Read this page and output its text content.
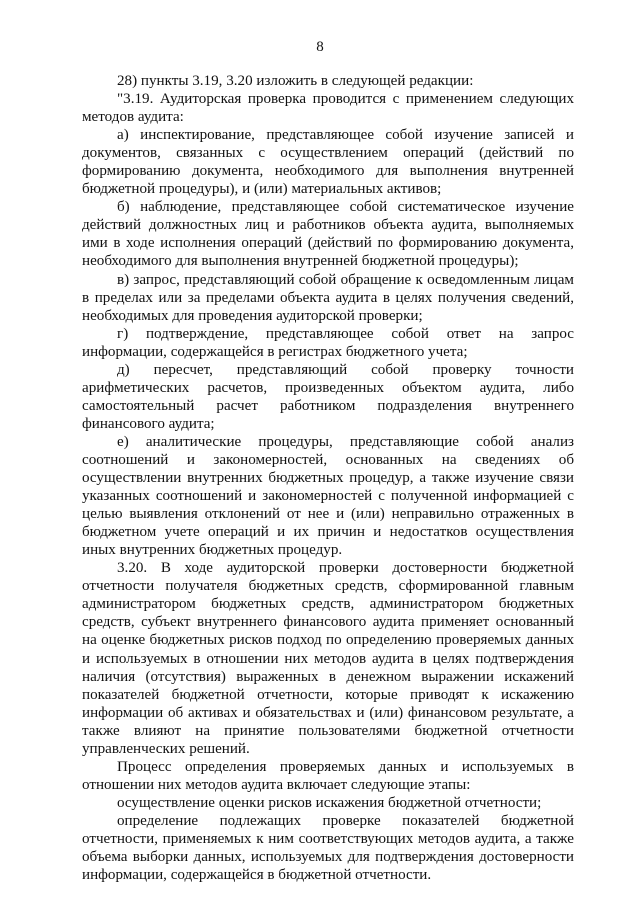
8

28) пункты 3.19, 3.20 изложить в следующей редакции:

"3.19. Аудиторская проверка проводится с применением следующих методов аудита:

а) инспектирование, представляющее собой изучение записей и документов, связанных с осуществлением операций (действий по формированию документа, необходимого для выполнения внутренней бюджетной процедуры), и (или) материальных активов;

б) наблюдение, представляющее собой систематическое изучение действий должностных лиц и работников объекта аудита, выполняемых ими в ходе исполнения операций (действий по формированию документа, необходимого для выполнения внутренней бюджетной процедуры);

в) запрос, представляющий собой обращение к осведомленным лицам в пределах или за пределами объекта аудита в целях получения сведений, необходимых для проведения аудиторской проверки;

г) подтверждение, представляющее собой ответ на запрос информации, содержащейся в регистрах бюджетного учета;

д) пересчет, представляющий собой проверку точности арифметических расчетов, произведенных объектом аудита, либо самостоятельный расчет работником подразделения внутреннего финансового аудита;

е) аналитические процедуры, представляющие собой анализ соотношений и закономерностей, основанных на сведениях об осуществлении внутренних бюджетных процедур, а также изучение связи указанных соотношений и закономерностей с полученной информацией с целью выявления отклонений от нее и (или) неправильно отраженных в бюджетном учете операций и их причин и недостатков осуществления иных внутренних бюджетных процедур.

3.20. В ходе аудиторской проверки достоверности бюджетной отчетности получателя бюджетных средств, сформированной главным администратором бюджетных средств, администратором бюджетных средств, субъект внутреннего финансового аудита применяет основанный на оценке бюджетных рисков подход по определению проверяемых данных и используемых в отношении них методов аудита в целях подтверждения наличия (отсутствия) выраженных в денежном выражении искажений показателей бюджетной отчетности, которые приводят к искажению информации об активах и обязательствах и (или) финансовом результате, а также влияют на принятие пользователями бюджетной отчетности управленческих решений.

Процесс определения проверяемых данных и используемых в отношении них методов аудита включает следующие этапы:

осуществление оценки рисков искажения бюджетной отчетности;

определение подлежащих проверке показателей бюджетной отчетности, применяемых к ним соответствующих методов аудита, а также объема выборки данных, используемых для подтверждения достоверности информации, содержащейся в бюджетной отчетности.
